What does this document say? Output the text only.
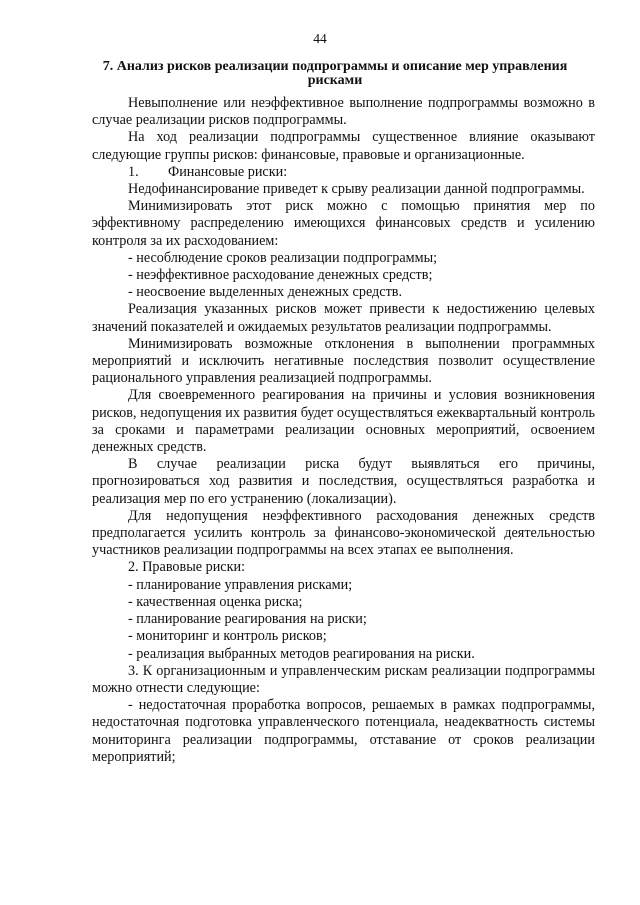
44
7. Анализ рисков реализации подпрограммы и описание мер управления рисками

Невыполнение или неэффективное выполнение подпрограммы возможно в случае реализации рисков подпрограммы.

На ход реализации подпрограммы существенное влияние оказывают следующие группы рисков: финансовые, правовые и организационные.

1. Финансовые риски:

Недофинансирование приведет к срыву реализации данной подпрограммы.

Минимизировать этот риск можно с помощью принятия мер по эффективному распределению имеющихся финансовых средств и усилению контроля за их расходованием:

- несоблюдение сроков реализации подпрограммы;

- неэффективное расходование денежных средств;

- неосвоение выделенных денежных средств.

Реализация указанных рисков может привести к недостижению целевых значений показателей и ожидаемых результатов реализации подпрограммы.

Минимизировать возможные отклонения в выполнении программных мероприятий и исключить негативные последствия позволит осуществление рационального управления реализацией подпрограммы.

Для своевременного реагирования на причины и условия возникновения рисков, недопущения их развития будет осуществляться ежеквартальный контроль за сроками и параметрами реализации основных мероприятий, освоением денежных средств.

В случае реализации риска будут выявляться его причины, прогнозироваться ход развития и последствия, осуществляться разработка и реализация мер по его устранению (локализации).

Для недопущения неэффективного расходования денежных средств предполагается усилить контроль за финансово-экономической деятельностью участников реализации подпрограммы на всех этапах ее выполнения.

2. Правовые риски:

- планирование управления рисками;

- качественная оценка риска;

- планирование реагирования на риски;

- мониторинг и контроль рисков;

- реализация выбранных методов реагирования на риски.

3. К организационным и управленческим рискам реализации подпрограммы можно отнести следующие:

- недостаточная проработка вопросов, решаемых в рамках подпрограммы, недостаточная подготовка управленческого потенциала, неадекватность системы мониторинга реализации подпрограммы, отставание от сроков реализации мероприятий;
